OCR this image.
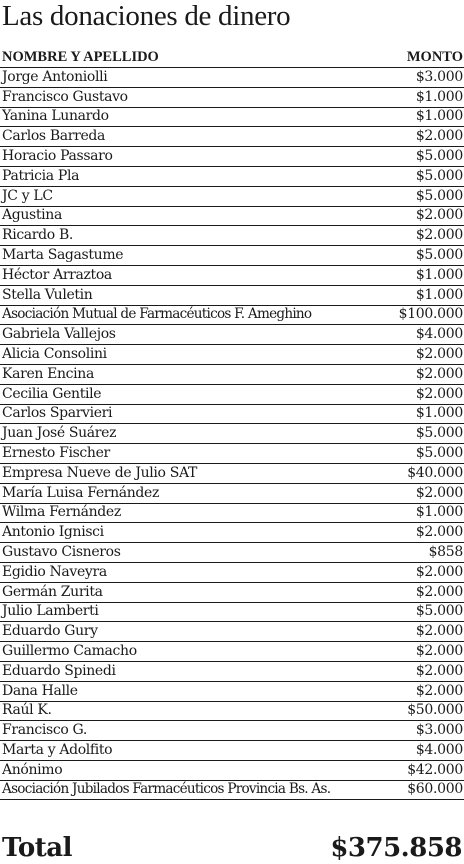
Las donaciones de dinero
NOMBRE Y APELLIDO	MONTO
Jorge Antoniolli	$3.000
Francisco Gustavo	$1.000
Yanina Lunardo	$1.000
Carlos Barreda	$2.000
Horacio Passaro	$5.000
Patricia Pla	$5.000
JC y LC	$5.000
Agustina	$2.000
Ricardo B.	$2.000
Marta Sagastume	$5.000
Héctor Arraztoa	$1.000
Stella Vuletin	$1.000
Asociación Mutual de Farmacéuticos F. Ameghino	$100.000
Gabriela Vallejos	$4.000
Alicia Consolini	$2.000
Karen Encina	$2.000
Cecilia Gentile	$2.000
Carlos Sparvieri	$1.000
Juan José Suárez	$5.000
Ernesto Fischer	$5.000
Empresa Nueve de Julio SAT	$40.000
María Luisa Fernández	$2.000
Wilma Fernández	$1.000
Antonio Ignisci	$2.000
Gustavo Cisneros	$858
Egidio Naveyra	$2.000
Germán Zurita	$2.000
Julio Lamberti	$5.000
Eduardo Gury	$2.000
Guillermo Camacho	$2.000
Eduardo Spinedi	$2.000
Dana Halle	$2.000
Raúl K.	$50.000
Francisco G.	$3.000
Marta y Adolfito	$4.000
Anónimo	$42.000
Asociación Jubilados Farmacéuticos Provincia Bs. As.	$60.000
Total	$375.858
